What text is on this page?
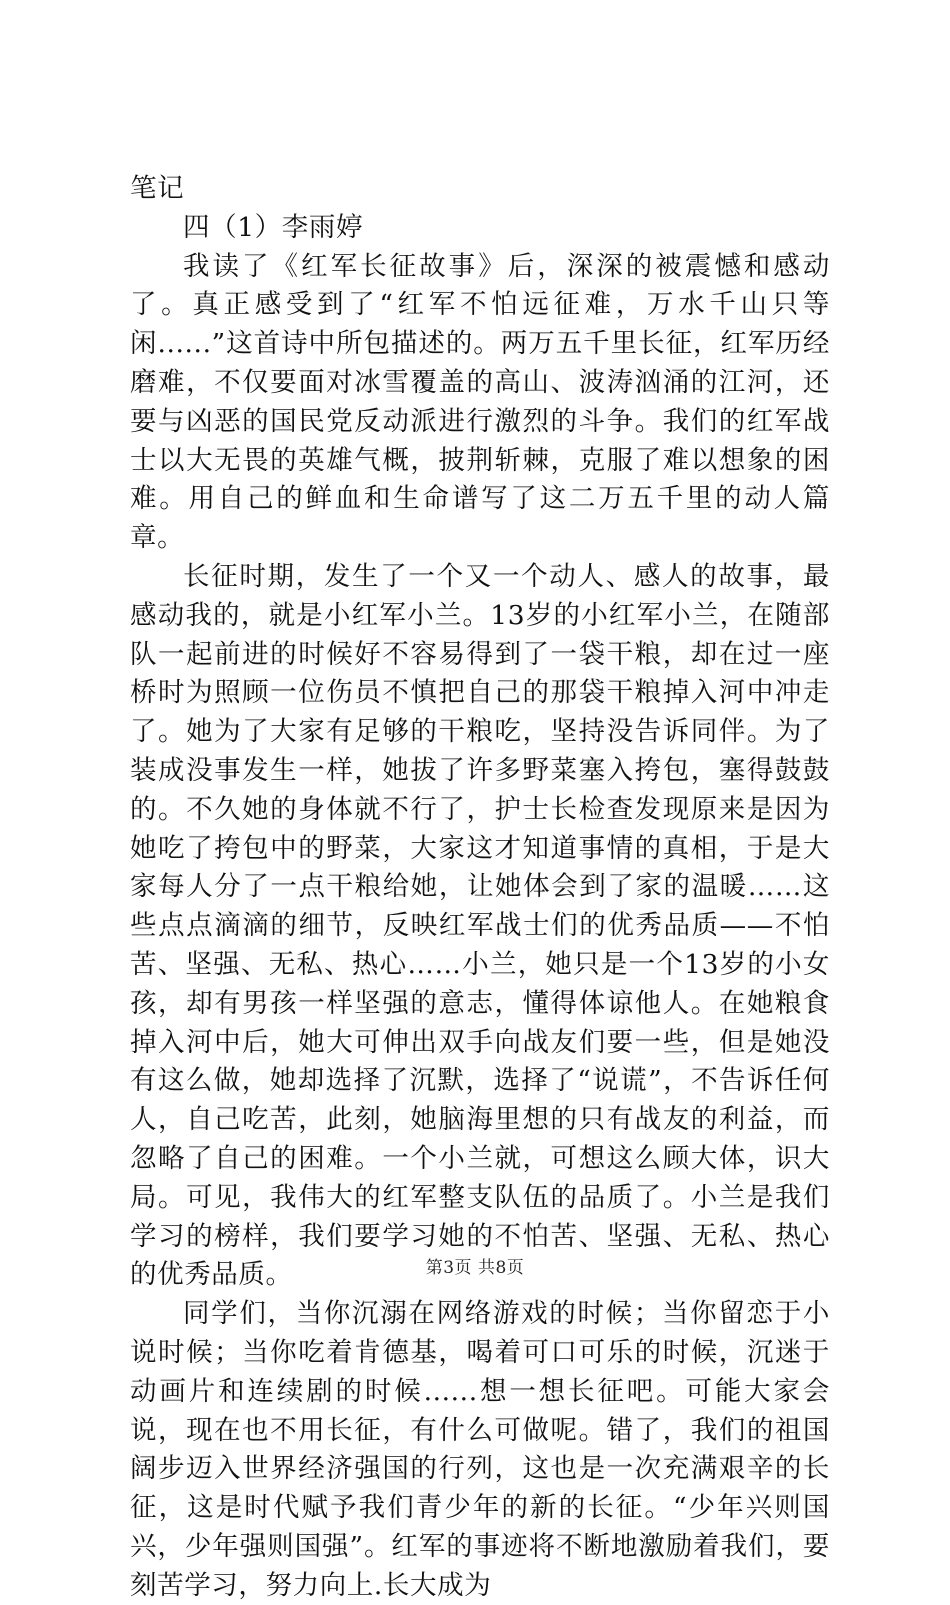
笔记

四（1）李雨婷

我读了《红军长征故事》后，深深的被震憾和感动了。真正感受到了“红军不怕远征难，万水千山只等闲......”这首诗中所包描述的。两万五千里长征，红军历经磨难，不仅要面对冰雪覆盖的高山、波涛汹涌的江河，还要与凶恶的国民党反动派进行激烈的斗争。我们的红军战士以大无畏的英雄气概，披荆斩棘，克服了难以想象的困难。用自己的鲜血和生命谱写了这二万五千里的动人篇章。

长征时期，发生了一个又一个动人、感人的故事，最感动我的，就是小红军小兰。13岁的小红军小兰，在随部队一起前进的时候好不容易得到了一袋干粮，却在过一座桥时为照顾一位伤员不慎把自己的那袋干粮掉入河中冲走了。她为了大家有足够的干粮吃，坚持没告诉同伴。为了装成没事发生一样，她拔了许多野菜塞入挎包，塞得鼓鼓的。不久她的身体就不行了，护士长检查发现原来是因为她吃了挎包中的野菜，大家这才知道事情的真相，于是大家每人分了一点干粮给她，让她体会到了家的温暖……这些点点滴滴的细节，反映红军战士们的优秀品质——不怕苦、坚强、无私、热心……小兰，她只是一个13岁的小女孩，却有男孩一样坚强的意志，懂得体谅他人。在她粮食掉入河中后，她大可伸出双手向战友们要一些，但是她没有这么做，她却选择了沉默，选择了“说谎”，不告诉任何人，自己吃苦，此刻，她脑海里想的只有战友的利益，而忽略了自己的困难。一个小兰就，可想这么顾大体，识大局。可见，我伟大的红军整支队伍的品质了。小兰是我们学习的榜样，我们要学习她的不怕苦、坚强、无私、热心的优秀品质。

同学们，当你沉溺在网络游戏的时候；当你留恋于小说时候；当你吃着肯德基，喝着可口可乐的时候，沉迷于动画片和连续剧的时候......想一想长征吧。可能大家会说，现在也不用长征，有什么可做呢。错了，我们的祖国阔步迈入世界经济强国的行列，这也是一次充满艰辛的长征，这是时代赋予我们青少年的新的长征。“少年兴则国兴，少年强则国强”。红军的事迹将不断地激励着我们，要刻苦学习，努力向上.长大成为

第3页 共8页
